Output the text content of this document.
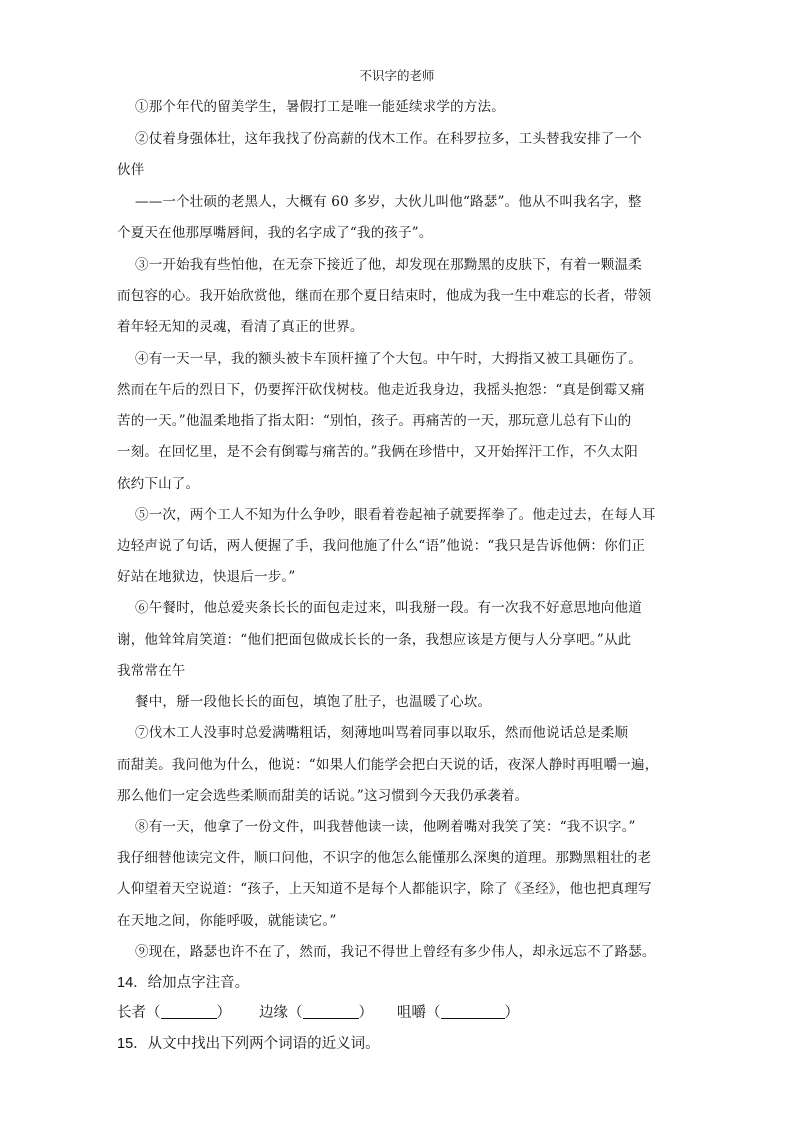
不识字的老师
①那个年代的留美学生，暑假打工是唯一能延续求学的方法。
②仗着身强体壮，这年我找了份高薪的伐木工作。在科罗拉多，工头替我安排了一个
伙伴
——一个壮硕的老黑人，大概有 60 多岁，大伙儿叫他“路瑟”。他从不叫我名字，整
个夏天在他那厚嘴唇间，我的名字成了“我的孩子”。
③一开始我有些怕他，在无奈下接近了他，却发现在那黝黑的皮肤下，有着一颗温柔
而包容的心。我开始欣赏他，继而在那个夏日结束时，他成为我一生中难忘的长者，带领
着年轻无知的灵魂，看清了真正的世界。
④有一天一早，我的额头被卡车顶杆撞了个大包。中午时，大拇指又被工具砸伤了。
然而在午后的烈日下，仍要挥汗砍伐树枝。他走近我身边，我摇头抱怨：“真是倒霉又痛
苦的一天。”他温柔地指了指太阳：“别怕，孩子。再痛苦的一天，那玩意儿总有下山的
一刻。在回忆里，是不会有倒霉与痛苦的。”我俩在珍惜中，又开始挥汗工作，不久太阳
依约下山了。
⑤一次，两个工人不知为什么争吵，眼看着卷起袖子就要挥拳了。他走过去，在每人耳
边轻声说了句话，两人便握了手，我问他施了什么“语”他说：“我只是告诉他俩：你们正
好站在地狱边，快退后一步。”
⑥午餐时，他总爱夹条长长的面包走过来，叫我掰一段。有一次我不好意思地向他道
谢，他耸耸肩笑道：“他们把面包做成长长的一条，我想应该是方便与人分享吧。”从此
我常常在午
餐中，掰一段他长长的面包，填饱了肚子，也温暖了心坎。
⑦伐木工人没事时总爱满嘴粗话，刻薄地叫骂着同事以取乐，然而他说话总是柔顺
而甜美。我问他为什么，他说：“如果人们能学会把白天说的话，夜深人静时再咀嚼一遍，
那么他们一定会选些柔顺而甜美的话说。”这习惯到今天我仍承袭着。
⑧有一天，他拿了一份文件，叫我替他读一读，他咧着嘴对我笑了笑：“我不识字。”
我仔细替他读完文件，顺口问他，不识字的他怎么能懂那么深奥的道理。那黝黑粗壮的老
人仰望着天空说道：“孩子，上天知道不是每个人都能识字，除了《圣经》，他也把真理写
在天地之间，你能呼吸，就能读它。”
⑨现在，路瑟也许不在了，然而，我记不得世上曾经有多少伟人，却永远忘不了路瑟。
14．给加点字注音。
长者（	） 边缘（	） 咀嚼（	）
15．从文中找出下列两个词语的近义词。
